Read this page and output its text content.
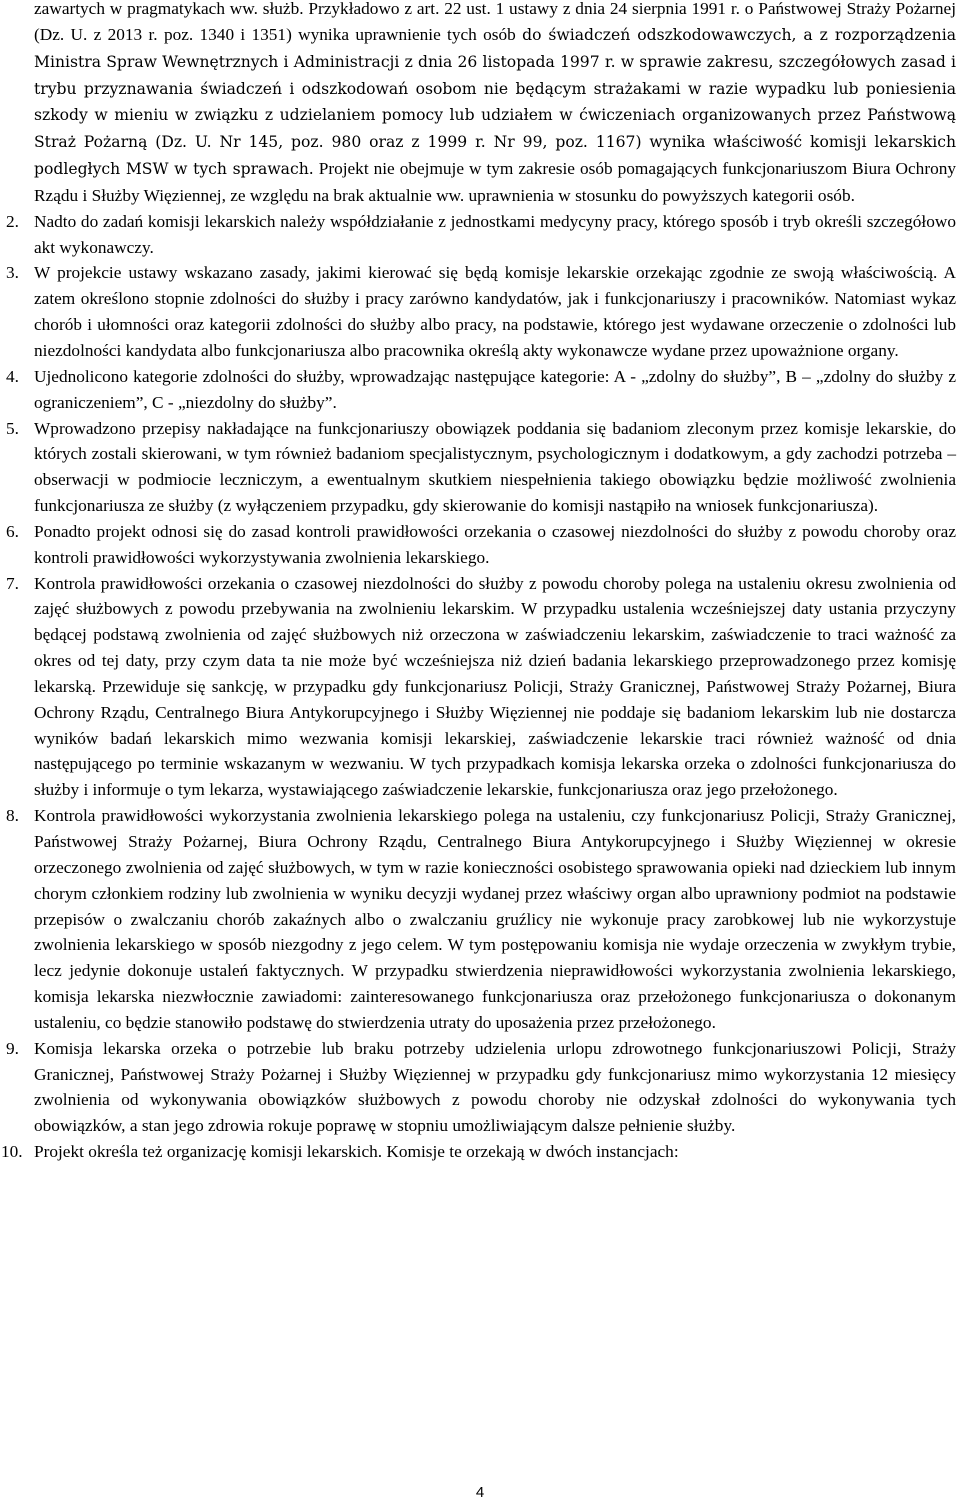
zawartych w pragmatykach ww. służb. Przykładowo z art. 22 ust. 1 ustawy z dnia 24 sierpnia 1991 r. o Państwowej Straży Pożarnej (Dz. U. z 2013 r. poz. 1340 i 1351) wynika uprawnienie tych osób do świadczeń odszkodowawczych, a z rozporządzenia Ministra Spraw Wewnętrznych i Administracji z dnia 26 listopada 1997 r. w sprawie zakresu, szczegółowych zasad i trybu przyznawania świadczeń i odszkodowań osobom nie będącym strażakami w razie wypadku lub poniesienia szkody w mieniu w związku z udzielaniem pomocy lub udziałem w ćwiczeniach organizowanych przez Państwową Straż Pożarną (Dz. U. Nr 145, poz. 980 oraz z 1999 r. Nr 99, poz. 1167) wynika właściwość komisji lekarskich podległych MSW w tych sprawach. Projekt nie obejmuje w tym zakresie osób pomagających funkcjonariuszom Biura Ochrony Rządu i Służby Więziennej, ze względu na brak aktualnie ww. uprawnienia w stosunku do powyższych kategorii osób.

2. Nadto do zadań komisji lekarskich należy współdziałanie z jednostkami medycyny pracy, którego sposób i tryb określi szczegółowo akt wykonawczy.
3. W projekcie ustawy wskazano zasady, jakimi kierować się będą komisje lekarskie orzekając zgodnie ze swoją właściwością. A zatem określono stopnie zdolności do służby i pracy zarówno kandydatów, jak i funkcjonariuszy i pracowników. Natomiast wykaz chorób i ułomności oraz kategorii zdolności do służby albo pracy, na podstawie, którego jest wydawane orzeczenie o zdolności lub niezdolności kandydata albo funkcjonariusza albo pracownika określą akty wykonawcze wydane przez upoważnione organy.
4. Ujednolicono kategorie zdolności do służby, wprowadzając następujące kategorie: A - „zdolny do służby”, B – „zdolny do służby z ograniczeniem”, C - „niezdolny do służby”.
5. Wprowadzono przepisy nakładające na funkcjonariuszy obowiązek poddania się badaniom zleconym przez komisje lekarskie, do których zostali skierowani, w tym również badaniom specjalistycznym, psychologicznym i dodatkowym, a gdy zachodzi potrzeba – obserwacji w podmiocie leczniczym, a ewentualnym skutkiem niespełnienia takiego obowiązku będzie możliwość zwolnienia funkcjonariusza ze służby (z wyłączeniem przypadku, gdy skierowanie do komisji nastąpiło na wniosek funkcjonariusza).
6. Ponadto projekt odnosi się do zasad kontroli prawidłowości orzekania o czasowej niezdolności do służby z powodu choroby oraz kontroli prawidłowości wykorzystywania zwolnienia lekarskiego.
7. Kontrola prawidłowości orzekania o czasowej niezdolności do służby z powodu choroby polega na ustaleniu okresu zwolnienia od zajęć służbowych z powodu przebywania na zwolnieniu lekarskim. W przypadku ustalenia wcześniejszej daty ustania przyczyny będącej podstawą zwolnienia od zajęć służbowych niż orzeczona w zaświadczeniu lekarskim, zaświadczenie to traci ważność za okres od tej daty, przy czym data ta nie może być wcześniejsza niż dzień badania lekarskiego przeprowadzonego przez komisję lekarską. Przewiduje się sankcję, w przypadku gdy funkcjonariusz Policji, Straży Granicznej, Państwowej Straży Pożarnej, Biura Ochrony Rządu, Centralnego Biura Antykorupcyjnego i Służby Więziennej nie poddaje się badaniom lekarskim lub nie dostarcza wyników badań lekarskich mimo wezwania komisji lekarskiej, zaświadczenie lekarskie traci również ważność od dnia następującego po terminie wskazanym w wezwaniu. W tych przypadkach komisja lekarska orzeka o zdolności funkcjonariusza do służby i informuje o tym lekarza, wystawiającego zaświadczenie lekarskie, funkcjonariusza oraz jego przełożonego.
8. Kontrola prawidłowości wykorzystania zwolnienia lekarskiego polega na ustaleniu, czy funkcjonariusz Policji, Straży Granicznej, Państwowej Straży Pożarnej, Biura Ochrony Rządu, Centralnego Biura Antykorupcyjnego i Służby Więziennej w okresie orzeczonego zwolnienia od zajęć służbowych, w tym w razie konieczności osobistego sprawowania opieki nad dzieckiem lub innym chorym członkiem rodziny lub zwolnienia w wyniku decyzji wydanej przez właściwy organ albo uprawniony podmiot na podstawie przepisów o zwalczaniu chorób zakaźnych albo o zwalczaniu gruźlicy nie wykonuje pracy zarobkowej lub nie wykorzystuje zwolnienia lekarskiego w sposób niezgodny z jego celem. W tym postępowaniu komisja nie wydaje orzeczenia w zwykłym trybie, lecz jedynie dokonuje ustaleń faktycznych. W przypadku stwierdzenia nieprawidłowości wykorzystania zwolnienia lekarskiego, komisja lekarska niezwłocznie zawiadomi: zainteresowanego funkcjonariusza oraz przełożonego funkcjonariusza o dokonanym ustaleniu, co będzie stanowiło podstawę do stwierdzenia utraty do uposażenia przez przełożonego.
9. Komisja lekarska orzeka o potrzebie lub braku potrzeby udzielenia urlopu zdrowotnego funkcjonariuszowi Policji, Straży Granicznej, Państwowej Straży Pożarnej i Służby Więziennej w przypadku gdy funkcjonariusz mimo wykorzystania 12 miesięcy zwolnienia od wykonywania obowiązków służbowych z powodu choroby nie odzyskał zdolności do wykonywania tych obowiązków, a stan jego zdrowia rokuje poprawę w stopniu umożliwiającym dalsze pełnienie służby.
10. Projekt określa też organizację komisji lekarskich. Komisje te orzekają w dwóch instancjach:
4
